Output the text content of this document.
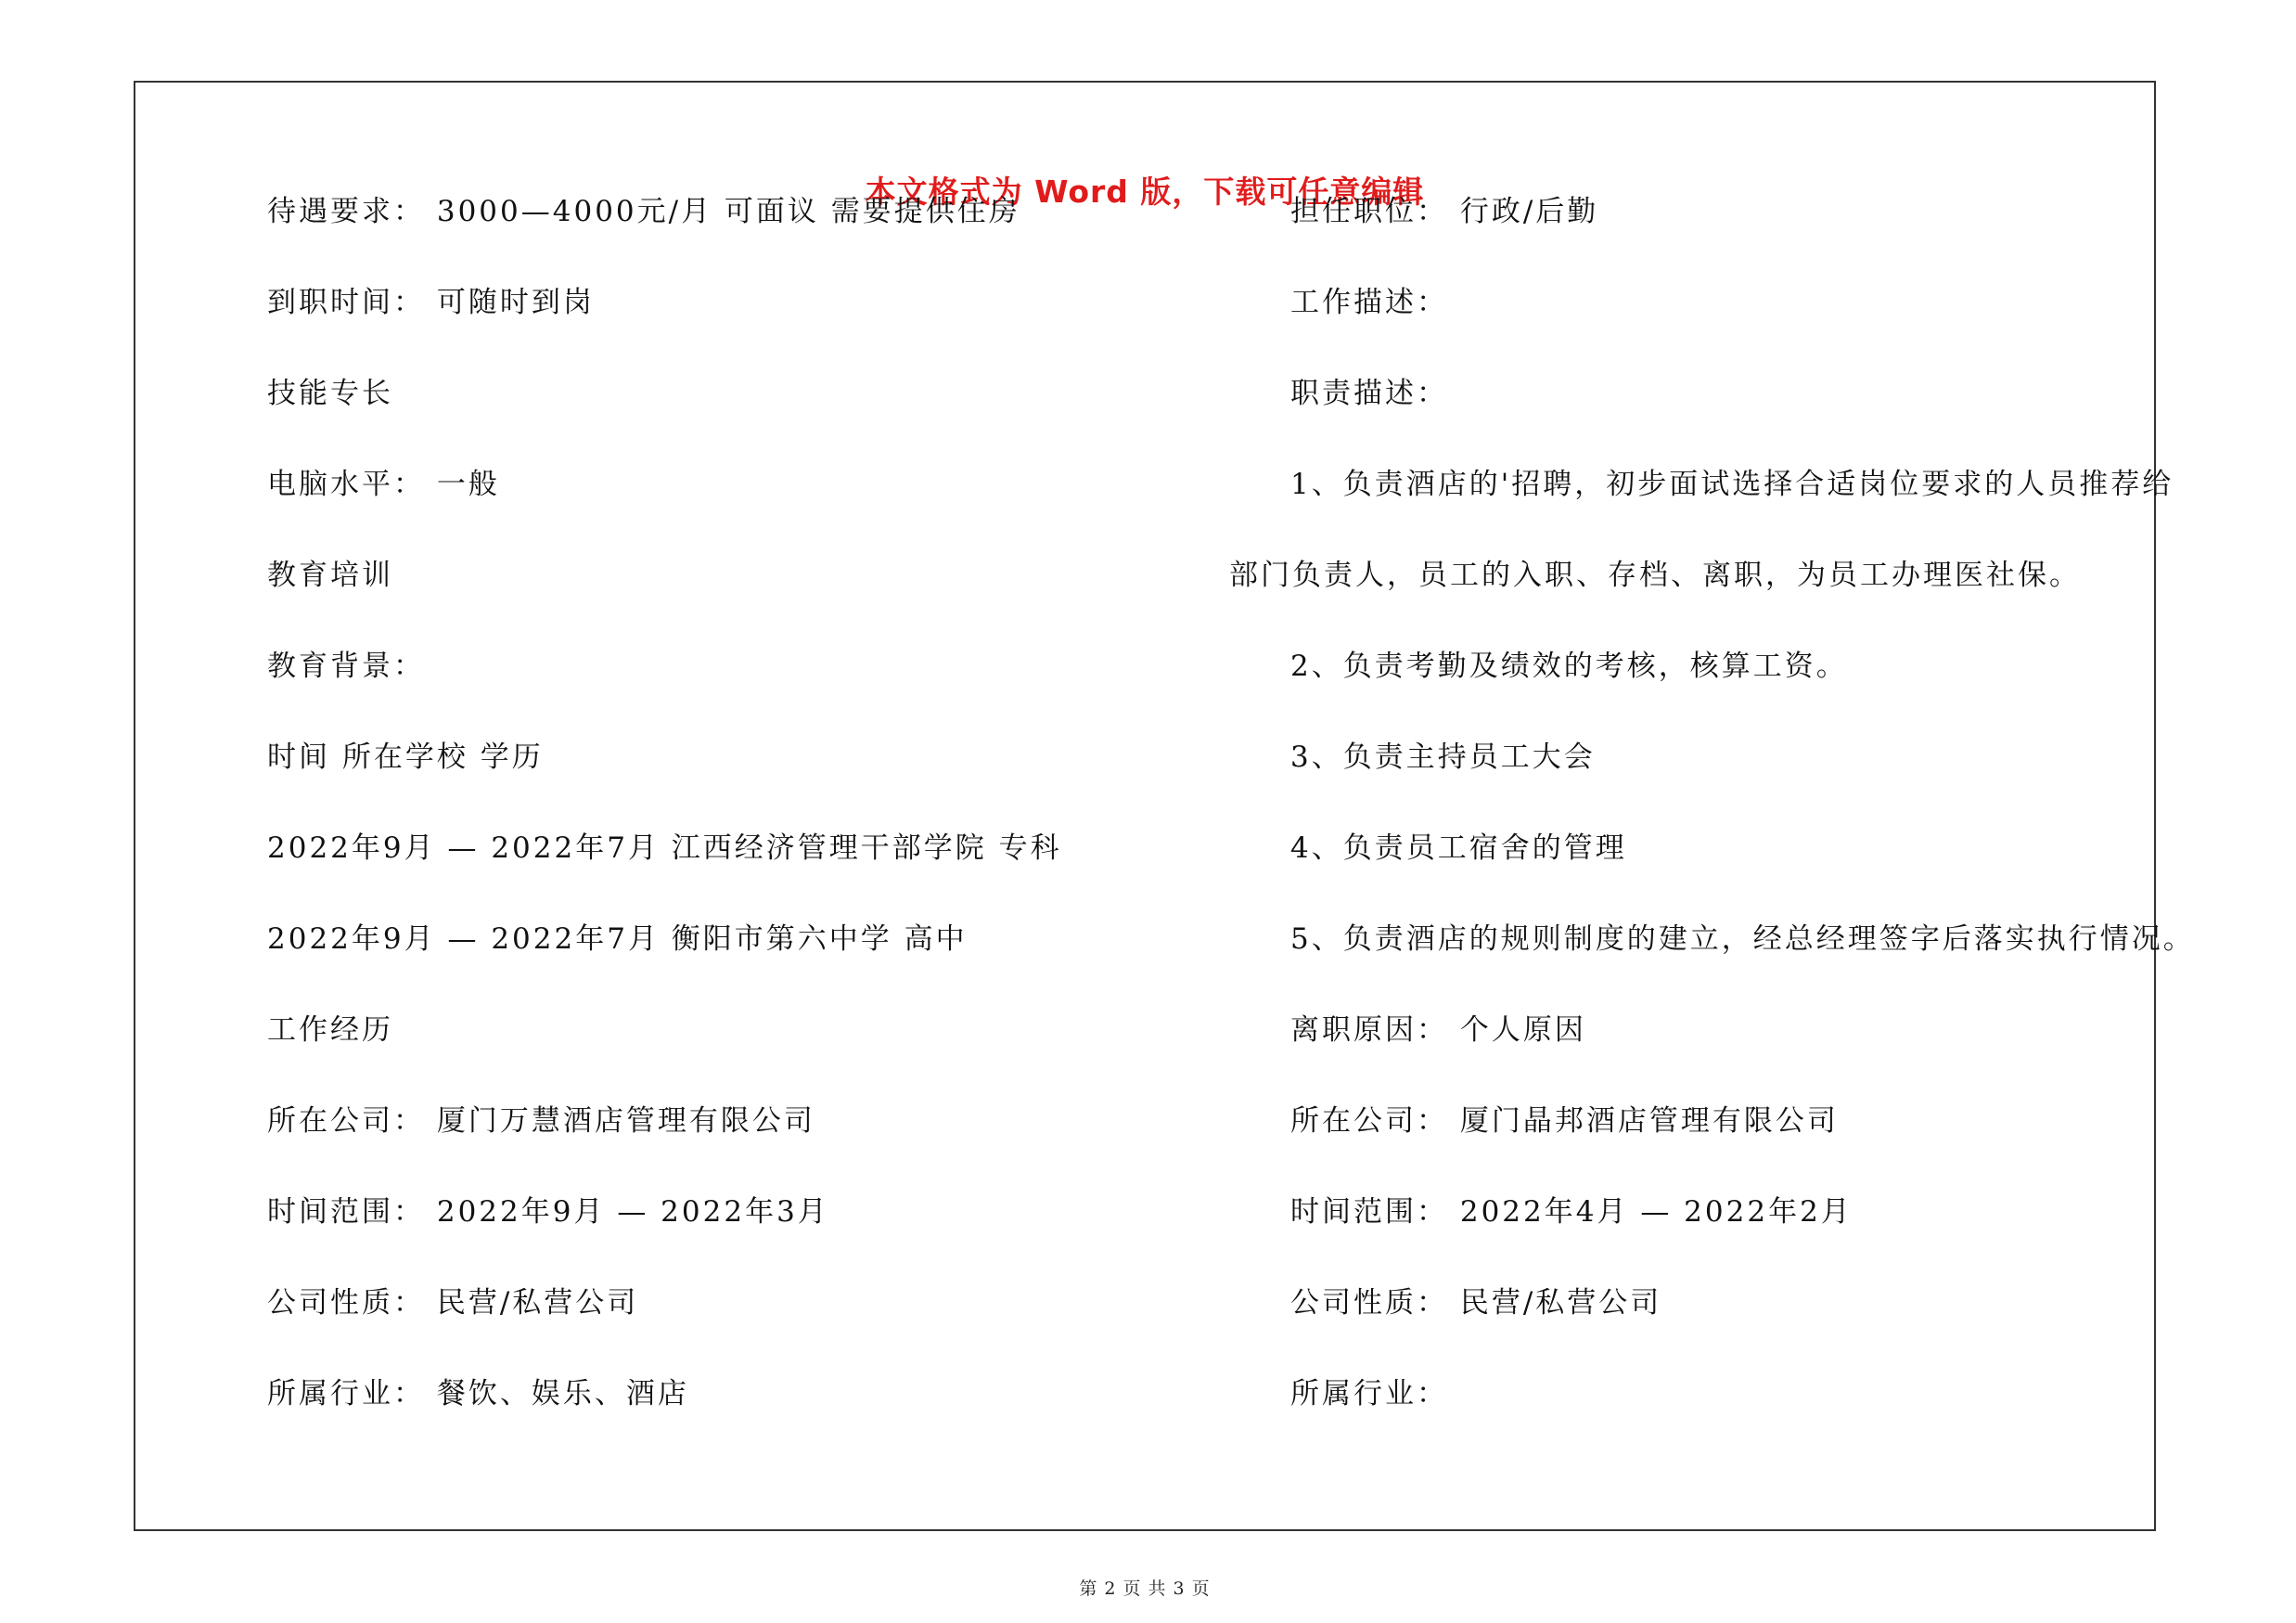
本文格式为 Word 版，下载可任意编辑
第 2 页 共 3 页
待遇要求： 3000—4000元/月 可面议 需要提供住房
到职时间： 可随时到岗
技能专长
电脑水平： 一般
教育培训
教育背景：
时间 所在学校 学历
2022年9月 — 2022年7月 江西经济管理干部学院 专科
2022年9月 — 2022年7月 衡阳市第六中学 高中
工作经历
所在公司： 厦门万慧酒店管理有限公司
时间范围： 2022年9月 — 2022年3月
公司性质： 民营/私营公司
所属行业： 餐饮、娱乐、酒店
担任职位： 行政/后勤
工作描述：
职责描述：
1、负责酒店的'招聘，初步面试选择合适岗位要求的人员推荐给
部门负责人，员工的入职、存档、离职，为员工办理医社保。
2、负责考勤及绩效的考核，核算工资。
3、负责主持员工大会
4、负责员工宿舍的管理
5、负责酒店的规则制度的建立，经总经理签字后落实执行情况。
离职原因： 个人原因
所在公司： 厦门晶邦酒店管理有限公司
时间范围： 2022年4月 — 2022年2月
公司性质： 民营/私营公司
所属行业：
